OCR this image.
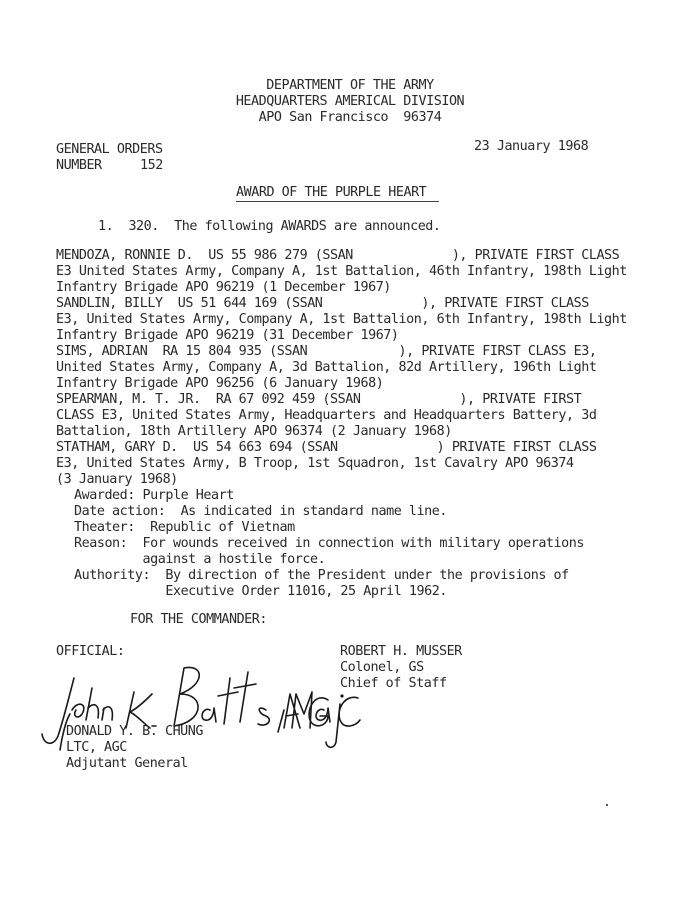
DEPARTMENT OF THE ARMY
HEADQUARTERS AMERICAL DIVISION
APO San Francisco  96374
GENERAL ORDERS
NUMBER	152
23 January 1968
AWARD OF THE PURPLE HEART
1.  320.  The following AWARDS are announced.
MENDOZA, RONNIE D.  US 55 986 279 (SSAN             ), PRIVATE FIRST CLASS
E3 United States Army, Company A, 1st Battalion, 46th Infantry, 198th Light
Infantry Brigade APO 96219 (1 December 1967)
SANDLIN, BILLY  US 51 644 169 (SSAN             ), PRIVATE FIRST CLASS
E3, United States Army, Company A, 1st Battalion, 6th Infantry, 198th Light
Infantry Brigade APO 96219 (31 December 1967)
SIMS, ADRIAN  RA 15 804 935 (SSAN            ), PRIVATE FIRST CLASS E3,
United States Army, Company A, 3d Battalion, 82d Artillery, 196th Light
Infantry Brigade APO 96256 (6 January 1968)
SPEARMAN, M. T. JR.  RA 67 092 459 (SSAN             ), PRIVATE FIRST
CLASS E3, United States Army, Headquarters and Headquarters Battery, 3d
Battalion, 18th Artillery APO 96374 (2 January 1968)
STATHAM, GARY D.  US 54 663 694 (SSAN             ) PRIVATE FIRST CLASS
E3, United States Army, B Troop, 1st Squadron, 1st Cavalry APO 96374
(3 January 1968)
Awarded: Purple Heart
Date action:  As indicated in standard name line.
Theater:  Republic of Vietnam
Reason:  For wounds received in connection with military operations
against a hostile force.
Authority:  By direction of the President under the provisions of
Executive Order 11016, 25 April 1962.
FOR THE COMMANDER:
OFFICIAL:	ROBERT H. MUSSER
Colonel, GS
Chief of Staff
DONALD Y. B. CHUNG
LTC, AGC
Adjutant General
